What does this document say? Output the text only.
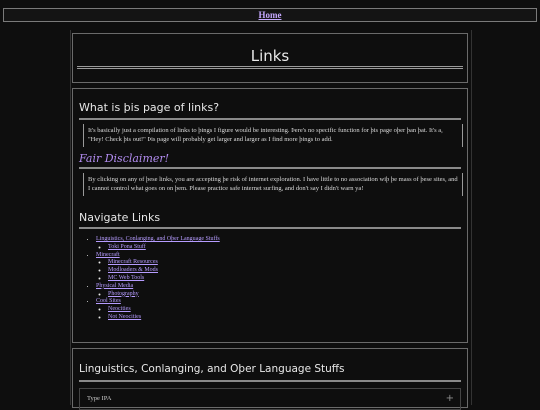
Home
Links
What is þis page of links?
It's basically just a compilation of links to þings I figure would be interesting. Þere's no specific function for þis page oþer þan þat. It's a, "Hey! Check þis out!" Þis page will probably get larger and larger as I find more þings to add.
Fair Disclaimer!
By clicking on any of þese links, you are accepting þe risk of internet exploration. I have little to no association wiþ þe mass of þese sites, and I cannot control what goes on on þem. Please practice safe internet surfing, and don't say I didn't warn ya!
Navigate Links
• Linguistics, Conlanging, and Oþer Language Stuffs
◦ Toki Pona Stuff
• Minecraft
◦ Minecraft Resources
◦ Modloaders & Mods
◦ MC Web Tools
• Physical Media
◦ Photography
• Cool Sites
◦ Neocities
◦ Not Neocities
Linguistics, Conlanging, and Oþer Language Stuffs
Type IPA	+
